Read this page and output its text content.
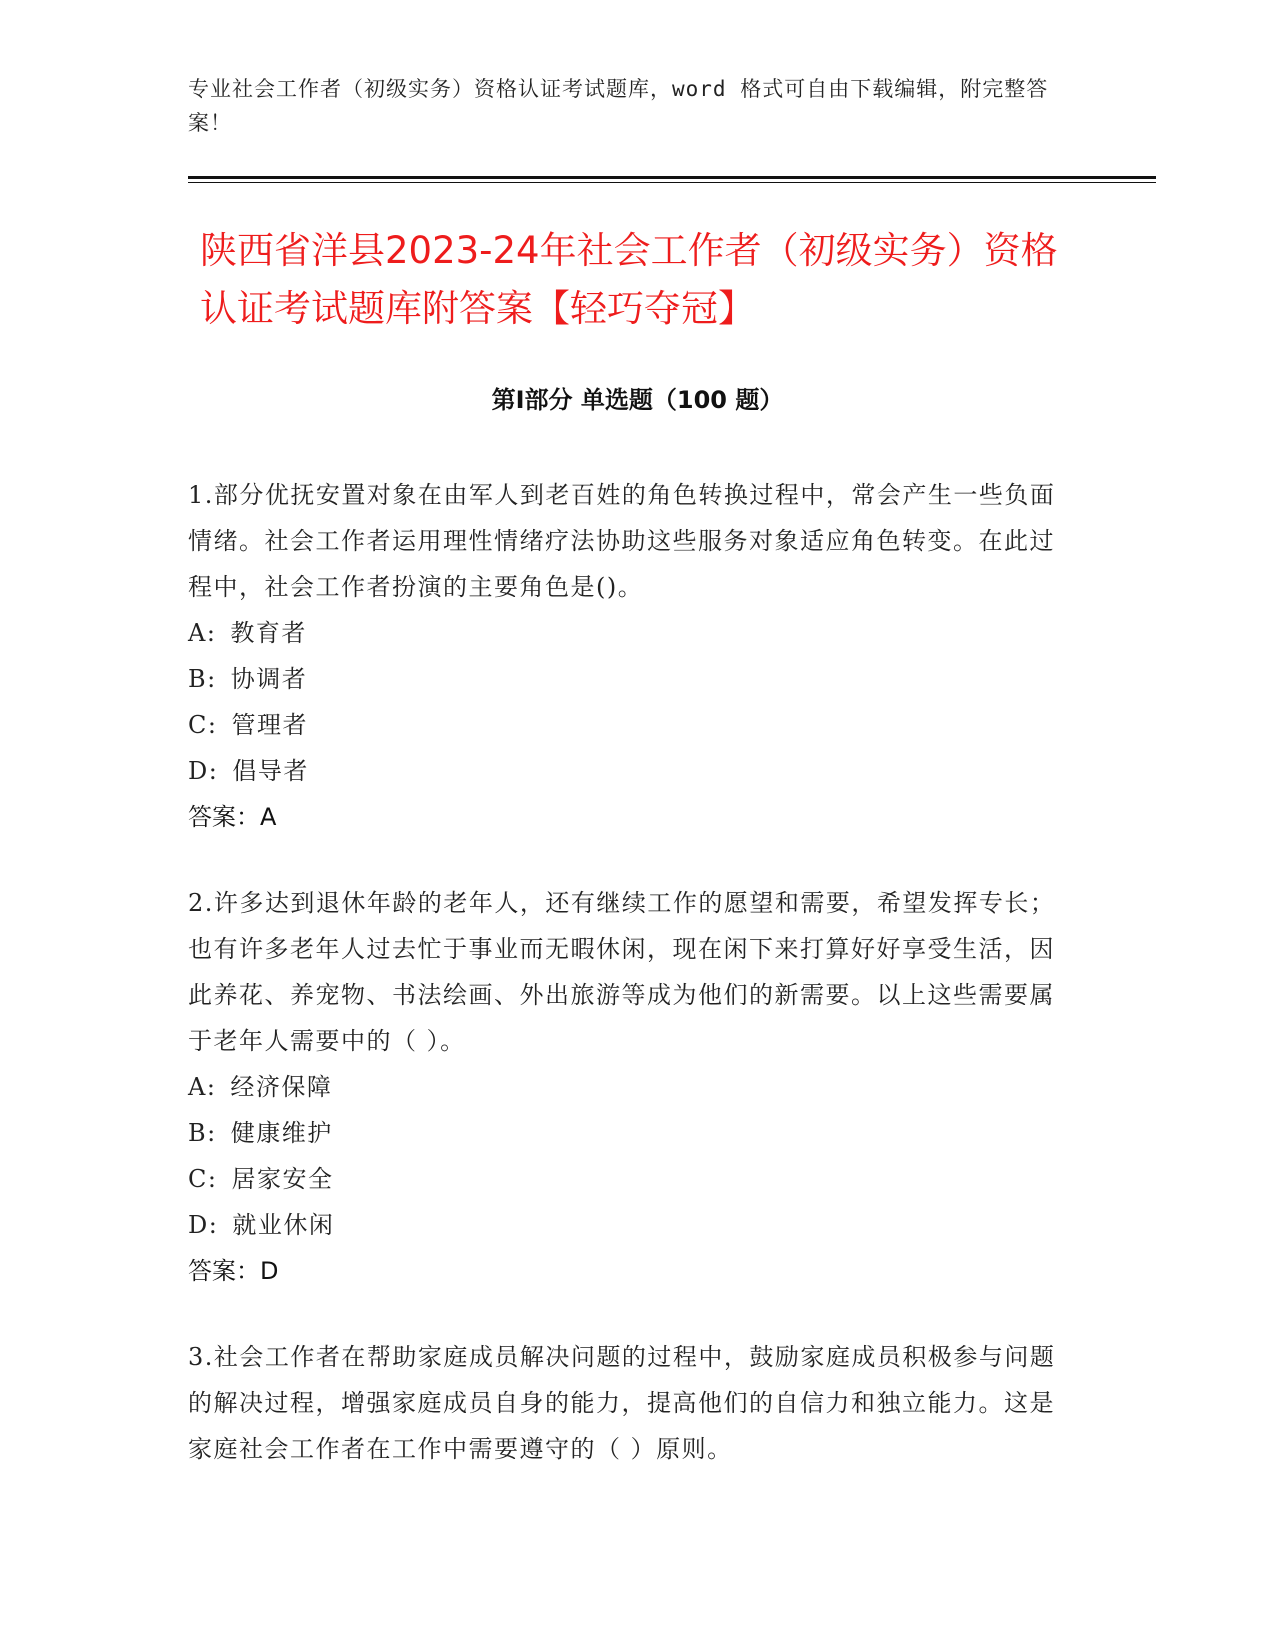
专业社会工作者（初级实务）资格认证考试题库，word 格式可自由下载编辑，附完整答案！
陕西省洋县2023-24年社会工作者（初级实务）资格认证考试题库附答案【轻巧夺冠】
第Ⅰ部分 单选题（100 题）

1.部分优抚安置对象在由军人到老百姓的角色转换过程中，常会产生一些负面情绪。社会工作者运用理性情绪疗法协助这些服务对象适应角色转变。在此过程中，社会工作者扮演的主要角色是()。

A: 教育者
B: 协调者
C: 管理者
D: 倡导者
答案： A

2.许多达到退休年龄的老年人，还有继续工作的愿望和需要，希望发挥专长；也有许多老年人过去忙于事业而无暇休闲，现在闲下来打算好好享受生活，因此养花、养宠物、书法绘画、外出旅游等成为他们的新需要。以上这些需要属于老年人需要中的（ ）。

A: 经济保障
B: 健康维护
C: 居家安全
D: 就业休闲
答案： D

3.社会工作者在帮助家庭成员解决问题的过程中，鼓励家庭成员积极参与问题的解决过程，增强家庭成员自身的能力，提高他们的自信力和独立能力。这是家庭社会工作者在工作中需要遵守的（ ）原则。
